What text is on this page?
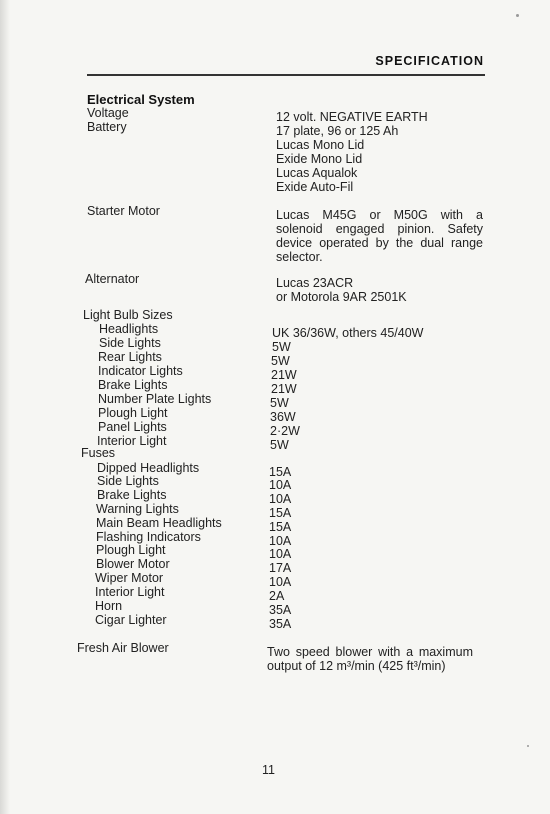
SPECIFICATION
Electrical System
Voltage	12 volt. NEGATIVE EARTH
Battery	17 plate, 96 or 125 Ah
Lucas Mono Lid
Exide Mono Lid
Lucas Aqualok
Exide Auto-Fil
Starter Motor	Lucas M45G or M50G with a solenoid engaged pinion. Safety device operated by the dual range selector.
Alternator	Lucas 23ACR
or Motorola 9AR 2501K
Light Bulb Sizes
Headlights	UK 36/36W, others 45/40W
Side Lights	5W
Rear Lights	5W
Indicator Lights	21W
Brake Lights	21W
Number Plate Lights	5W
Plough Light	36W
Panel Lights	2·2W
Interior Light	5W
Fuses
Dipped Headlights	15A
Side Lights	10A
Brake Lights	10A
Warning Lights	15A
Main Beam Headlights	15A
Flashing Indicators	10A
Plough Light	10A
Blower Motor	17A
Wiper Motor	10A
Interior Light	2A
Horn	35A
Cigar Lighter	35A
Fresh Air Blower	Two speed blower with a maximum output of 12 m³/min (425 ft³/min)
11
